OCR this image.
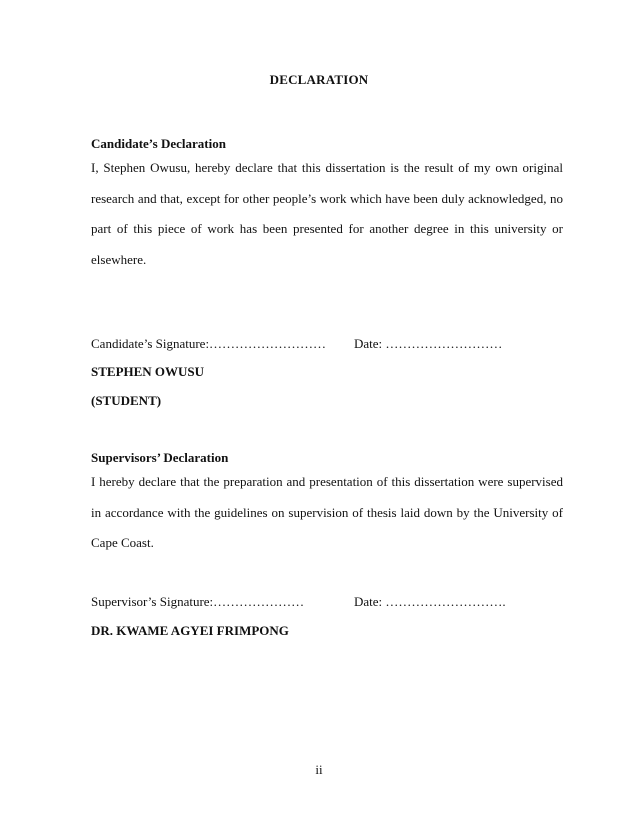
DECLARATION
Candidate’s Declaration
I, Stephen Owusu, hereby declare that this dissertation is the result of my own original research and that, except for other people’s work which have been duly acknowledged, no part of this piece of work has been presented for another degree in this university or elsewhere.
Candidate’s Signature:……………………… Date: ………………………
STEPHEN OWUSU
(STUDENT)
Supervisors’ Declaration
I hereby declare that the preparation and presentation of this dissertation were supervised in accordance with the guidelines on supervision of thesis laid down by the University of Cape Coast.
Supervisor’s Signature:…………………	Date: ……………………….
DR. KWAME AGYEI FRIMPONG
ii
